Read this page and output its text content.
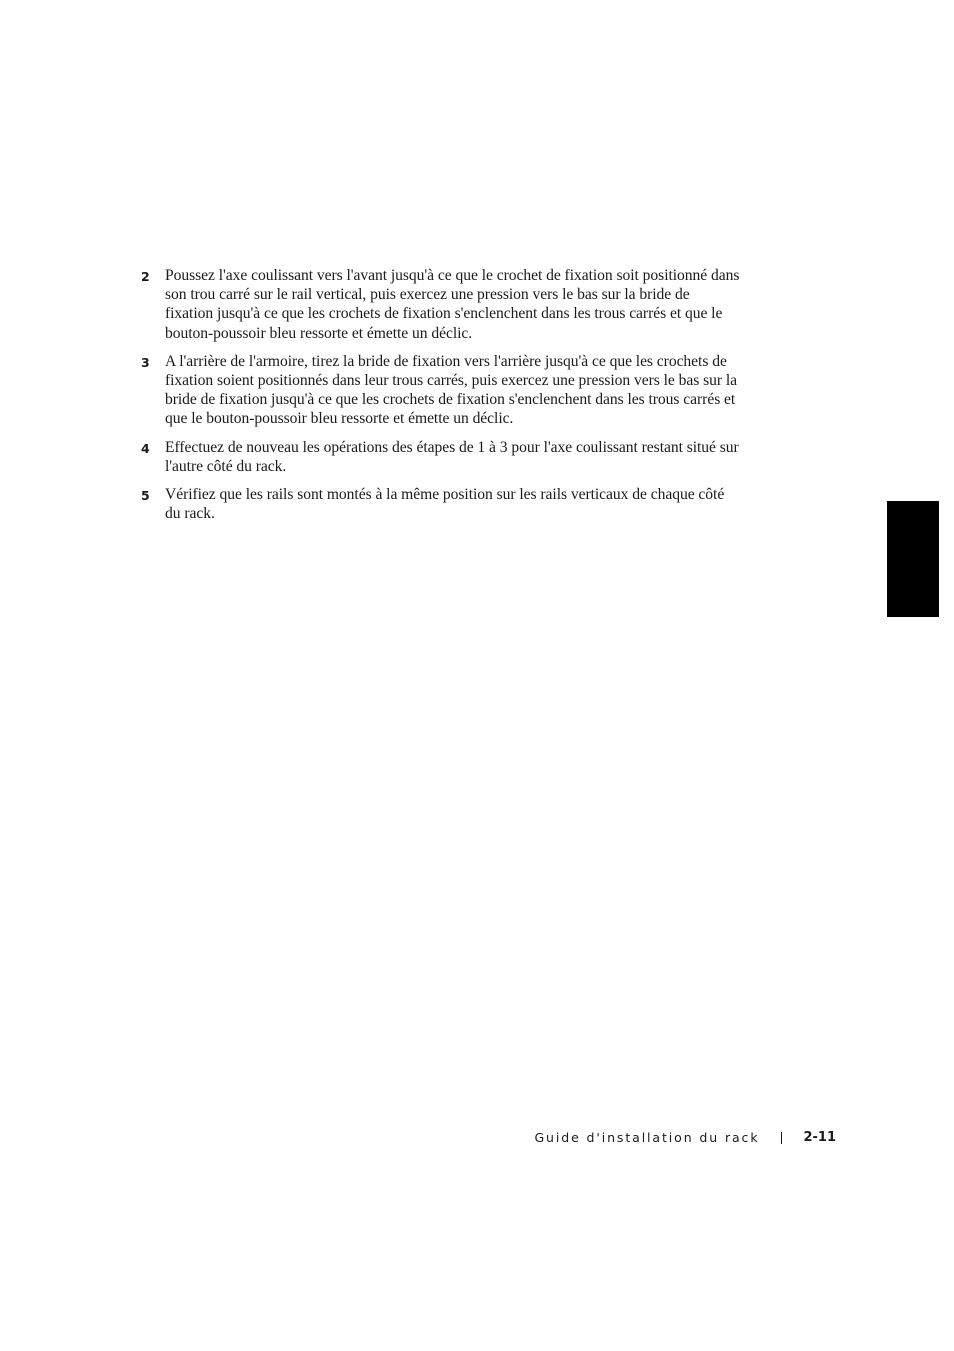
2 Poussez l'axe coulissant vers l'avant jusqu'à ce que le crochet de fixation soit positionné dans son trou carré sur le rail vertical, puis exercez une pression vers le bas sur la bride de fixation jusqu'à ce que les crochets de fixation s'enclenchent dans les trous carrés et que le bouton-poussoir bleu ressorte et émette un déclic.
3 A l'arrière de l'armoire, tirez la bride de fixation vers l'arrière jusqu'à ce que les crochets de fixation soient positionnés dans leur trous carrés, puis exercez une pression vers le bas sur la bride de fixation jusqu'à ce que les crochets de fixation s'enclenchent dans les trous carrés et que le bouton-poussoir bleu ressorte et émette un déclic.
4 Effectuez de nouveau les opérations des étapes de 1 à 3 pour l'axe coulissant restant situé sur l'autre côté du rack.
5 Vérifiez que les rails sont montés à la même position sur les rails verticaux de chaque côté du rack.
Guide d'installation du rack	2-11
